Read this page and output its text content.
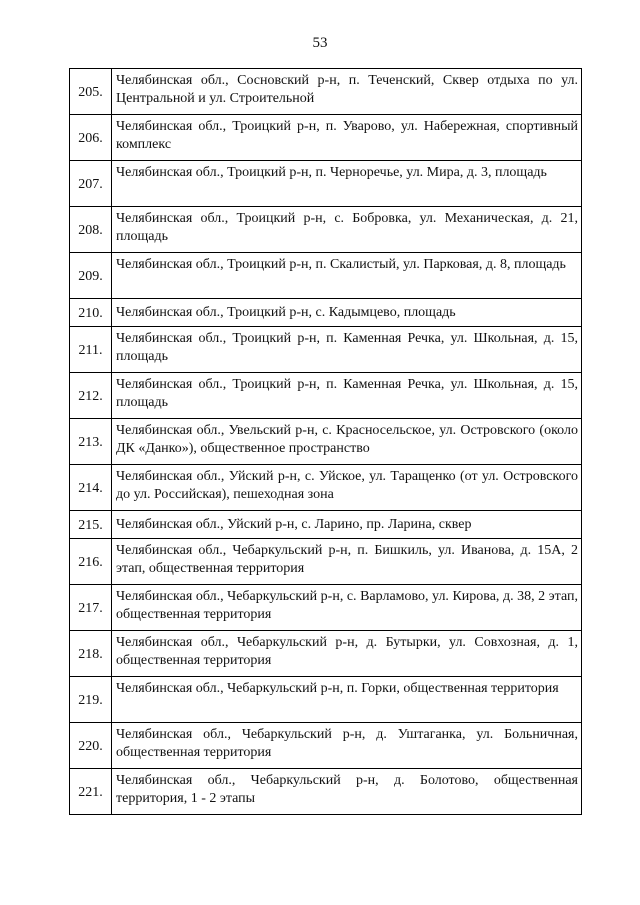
53
205.	Челябинская обл., Сосновский р-н, п. Теченский, Сквер отдыха по ул. Центральной и ул. Строительной
206.	Челябинская обл., Троицкий р-н, п. Уварово, ул. Набережная, спортивный комплекс
207.	Челябинская обл., Троицкий р-н, п. Черноречье, ул. Мира, д. 3, площадь
208.	Челябинская обл., Троицкий р-н, с. Бобровка, ул. Механическая, д. 21, площадь
209.	Челябинская обл., Троицкий р-н, п. Скалистый, ул. Парковая, д. 8, площадь
210.	Челябинская обл., Троицкий р-н, с. Кадымцево, площадь
211.	Челябинская обл., Троицкий р-н, п. Каменная Речка, ул. Школьная, д. 15, площадь
212.	Челябинская обл., Троицкий р-н, п. Каменная Речка, ул. Школьная, д. 15, площадь
213.	Челябинская обл., Увельский р-н, с. Красносельское, ул. Островского (около ДК «Данко»), общественное пространство
214.	Челябинская обл., Уйский р-н, с. Уйское, ул. Таращенко (от ул. Островского до ул. Российская), пешеходная зона
215.	Челябинская обл., Уйский р-н, с. Ларино, пр. Ларина, сквер
216.	Челябинская обл., Чебаркульский р-н, п. Бишкиль, ул. Иванова, д. 15А, 2 этап, общественная территория
217.	Челябинская обл., Чебаркульский р-н, с. Варламово, ул. Кирова, д. 38, 2 этап, общественная территория
218.	Челябинская обл., Чебаркульский р-н, д. Бутырки, ул. Совхозная, д. 1, общественная территория
219.	Челябинская обл., Чебаркульский р-н, п. Горки, общественная территория
220.	Челябинская обл., Чебаркульский р-н, д. Уштаганка, ул. Больничная, общественная территория
221.	Челябинская обл., Чебаркульский р-н, д. Болотово, общественная территория, 1 - 2 этапы
